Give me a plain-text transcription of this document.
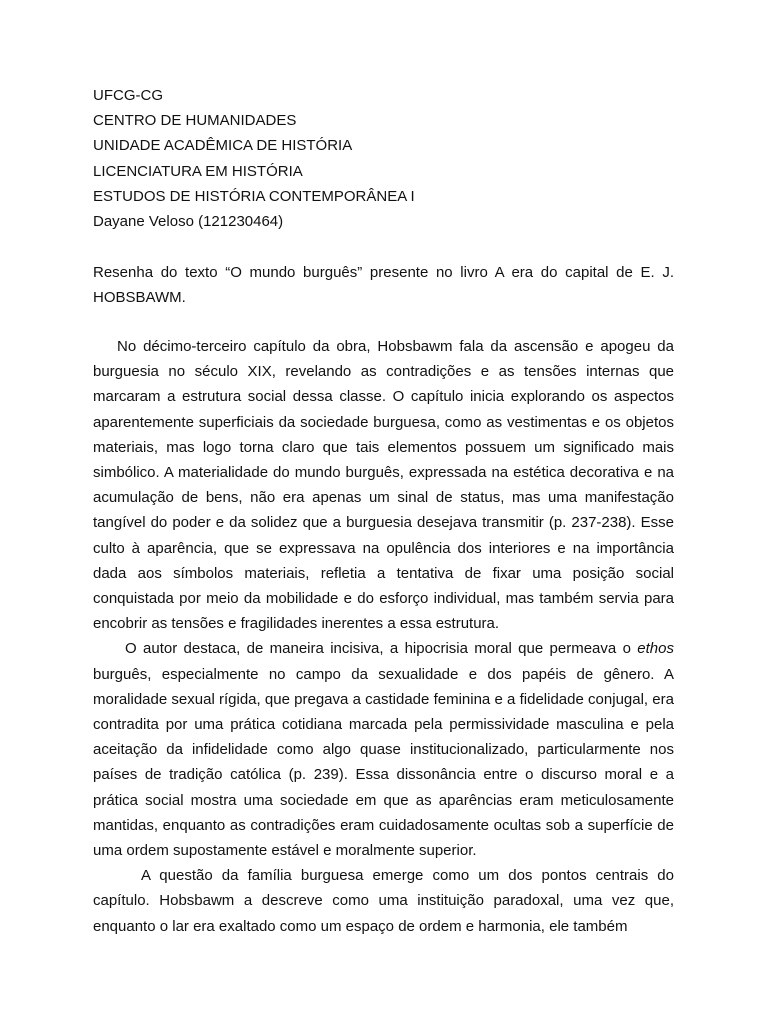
UFCG-CG
CENTRO DE HUMANIDADES
UNIDADE ACADÊMICA DE HISTÓRIA
LICENCIATURA EM HISTÓRIA
ESTUDOS DE HISTÓRIA CONTEMPORÂNEA I
Dayane Veloso (121230464)
Resenha do texto “O mundo burguês” presente no livro A era do capital de E. J. HOBSBAWM.

No décimo-terceiro capítulo da obra, Hobsbawm fala da ascensão e apogeu da burguesia no século XIX, revelando as contradições e as tensões internas que marcaram a estrutura social dessa classe. O capítulo inicia explorando os aspectos aparentemente superficiais da sociedade burguesa, como as vestimentas e os objetos materiais, mas logo torna claro que tais elementos possuem um significado mais simbólico. A materialidade do mundo burguês, expressada na estética decorativa e na acumulação de bens, não era apenas um sinal de status, mas uma manifestação tangível do poder e da solidez que a burguesia desejava transmitir (p. 237-238). Esse culto à aparência, que se expressava na opulência dos interiores e na importância dada aos símbolos materiais, refletia a tentativa de fixar uma posição social conquistada por meio da mobilidade e do esforço individual, mas também servia para encobrir as tensões e fragilidades inerentes a essa estrutura.

O autor destaca, de maneira incisiva, a hipocrisia moral que permeava o ethos burguês, especialmente no campo da sexualidade e dos papéis de gênero. A moralidade sexual rígida, que pregava a castidade feminina e a fidelidade conjugal, era contradita por uma prática cotidiana marcada pela permissividade masculina e pela aceitação da infidelidade como algo quase institucionalizado, particularmente nos países de tradição católica (p. 239). Essa dissonância entre o discurso moral e a prática social mostra uma sociedade em que as aparências eram meticulosamente mantidas, enquanto as contradições eram cuidadosamente ocultas sob a superfície de uma ordem supostamente estável e moralmente superior.

A questão da família burguesa emerge como um dos pontos centrais do capítulo. Hobsbawm a descreve como uma instituição paradoxal, uma vez que, enquanto o lar era exaltado como um espaço de ordem e harmonia, ele também
